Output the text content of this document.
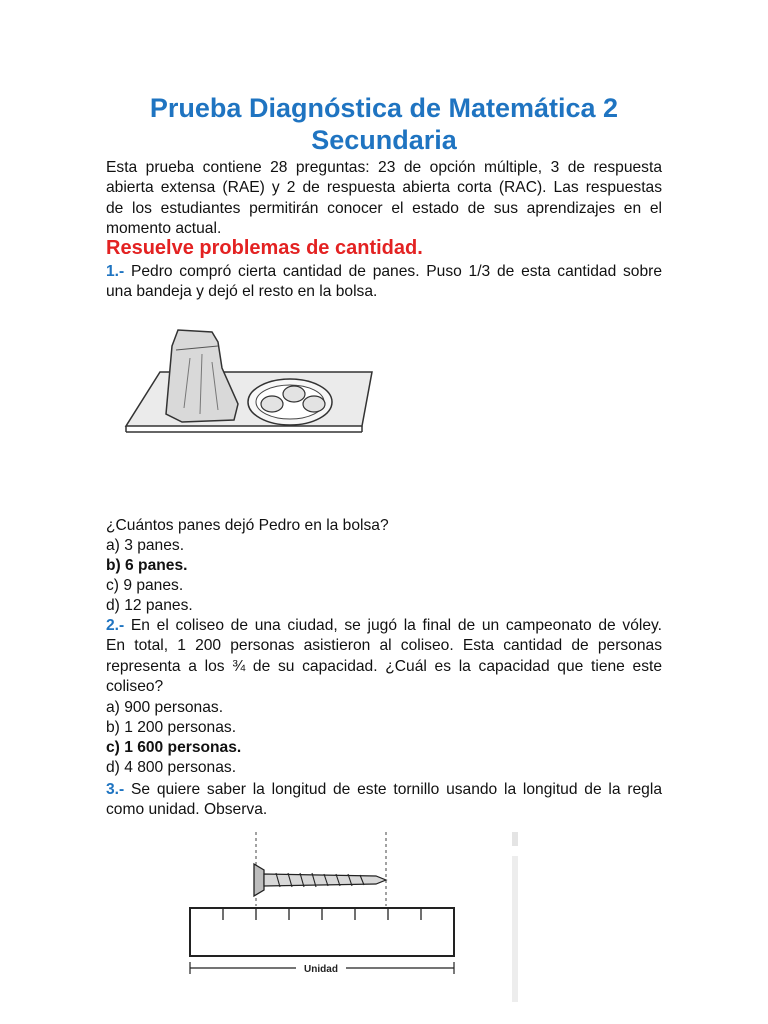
Prueba Diagnóstica de Matemática 2
Secundaria
Esta prueba contiene 28 preguntas: 23 de opción múltiple, 3 de respuesta
abierta extensa (RAE) y 2 de respuesta abierta corta (RAC). Las respuestas
de los estudiantes permitirán conocer el estado de sus aprendizajes en el
momento actual.
Resuelve problemas de cantidad.
1.- Pedro compró cierta cantidad de panes. Puso 1/3 de esta cantidad sobre
una bandeja y dejó el resto en la bolsa.
¿Cuántos panes dejó Pedro en la bolsa?
a) 3 panes.
b) 6 panes.
c) 9 panes.
d) 12 panes.
2.- En el coliseo de una ciudad, se jugó la final de un campeonato de vóley.
En total, 1 200 personas asistieron al coliseo. Esta cantidad de personas
representa a los ¾ de su capacidad. ¿Cuál es la capacidad que tiene este
coliseo?
a) 900 personas.
b) 1 200 personas.
c) 1 600 personas.
d) 4 800 personas.
3.- Se quiere saber la longitud de este tornillo usando la longitud de la regla
como unidad. Observa.
Unidad
